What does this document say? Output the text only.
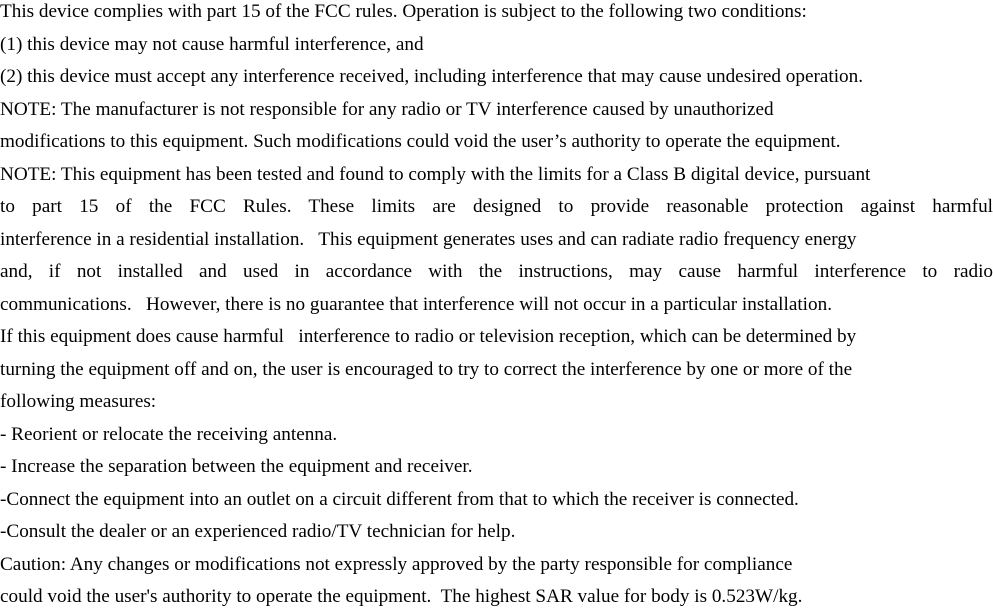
This device complies with part 15 of the FCC rules. Operation is subject to the following two conditions:

(1) this device may not cause harmful interference, and

(2) this device must accept any interference received, including interference that may cause undesired operation.

NOTE: The manufacturer is not responsible for any radio or TV interference caused by unauthorized

modifications to this equipment. Such modifications could void the user’s authority to operate the equipment.

NOTE: This equipment has been tested and found to comply with the limits for a Class B digital device, pursuant

to part 15 of the FCC Rules. These limits are designed to provide reasonable protection against harmful

interference in a residential installation.   This equipment generates uses and can radiate radio frequency energy

and, if not installed and used in accordance with the instructions, may cause harmful interference to radio

communications.   However, there is no guarantee that interference will not occur in a particular installation.

If this equipment does cause harmful   interference to radio or television reception, which can be determined by

turning the equipment off and on, the user is encouraged to try to correct the interference by one or more of the

following measures:

- Reorient or relocate the receiving antenna.

- Increase the separation between the equipment and receiver.

-Connect the equipment into an outlet on a circuit different from that to which the receiver is connected.

-Consult the dealer or an experienced radio/TV technician for help.

Caution: Any changes or modifications not expressly approved by the party responsible for compliance

could void the user's authority to operate the equipment.  The highest SAR value for body is 0.523W/kg.
